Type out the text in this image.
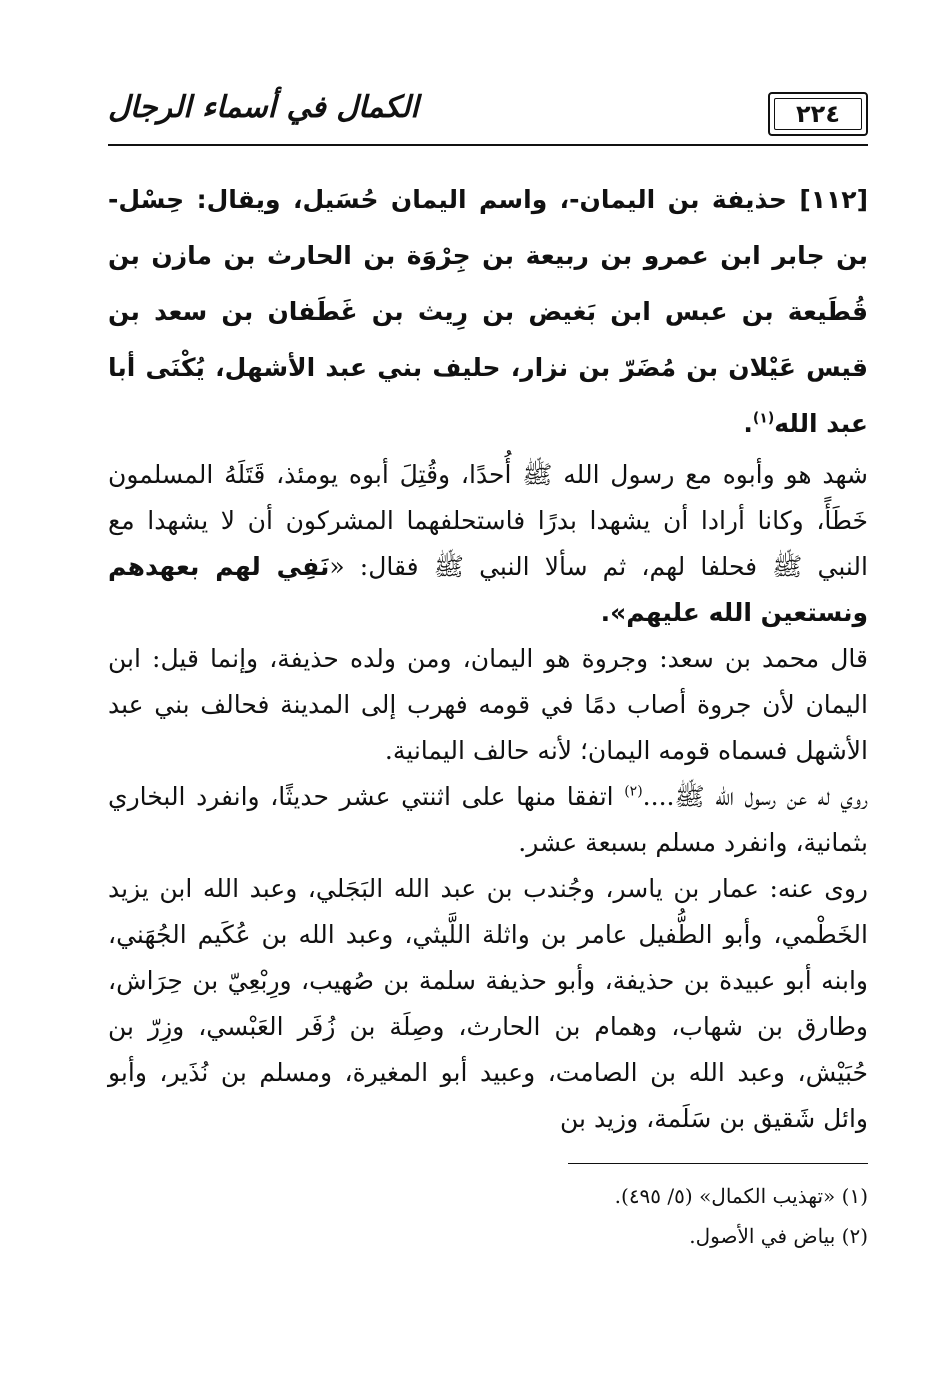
٢٢٤
الكمال في أسماء الرجال

[١١٢] حذيفة بن اليمان-، واسم اليمان حُسَيل، ويقال: حِسْل- بن جابر ابن عمرو بن ربيعة بن جِرْوَة بن الحارث بن مازن بن قُطَيعة بن عبس ابن بَغيض بن رِيث بن غَطَفان بن سعد بن قيس عَيْلان بن مُضَرّ بن نزار، حليف بني عبد الأشهل، يُكْنَى أبا عبد الله$^{(١)}$.

شهد هو وأبوه مع رسول الله ﷺ أُحدًا، وقُتِلَ أبوه يومئذ، قَتَلَهُ المسلمون خَطَأً، وكانا أرادا أن يشهدا بدرًا فاستحلفهما المشركون أن لا يشهدا مع النبي ﷺ فحلفا لهم، ثم سألا النبي ﷺ فقال: «نَفِي لهم بعهدهم ونستعين الله عليهم».

قال محمد بن سعد: وجروة هو اليمان، ومن ولده حذيفة، وإنما قيل: ابن اليمان لأن جروة أصاب دمًا في قومه فهرب إلى المدينة فحالف بني عبد الأشهل فسماه قومه اليمان؛ لأنه حالف اليمانية.

روي له عن رسول الله ﷺ....$^{(٢)}$ اتفقا منها على اثنتي عشر حديثًا، وانفرد البخاري بثمانية، وانفرد مسلم بسبعة عشر.

روى عنه: عمار بن ياسر، وجُندب بن عبد الله البَجَلي، وعبد الله ابن يزيد الخَطْمي، وأبو الطُّفيل عامر بن واثلة اللَّيثي، وعبد الله بن عُكَيم الجُهَني، وابنه أبو عبيدة بن حذيفة، وأبو حذيفة سلمة بن صُهيب، ورِبْعِيّ بن حِرَاش، وطارق بن شهاب، وهمام بن الحارث، وصِلَة بن زُفَر العَبْسي، وزِرّ بن حُبَيْش، وعبد الله بن الصامت، وعبيد أبو المغيرة، ومسلم بن نُذَير، وأبو وائل شَقيق بن سَلَمة، وزيد بن

(١) «تهذيب الكمال» (٥/ ٤٩٥).

(٢) بياض في الأصول.
